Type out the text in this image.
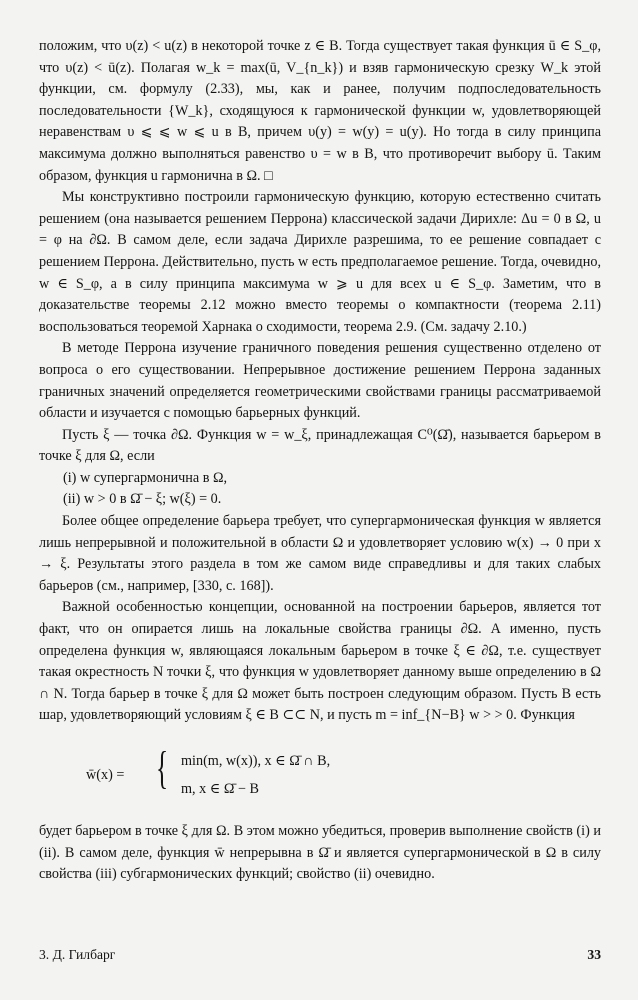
положим, что υ(z) < u(z) в некоторой точке z ∈ B. Тогда существует такая функция ū ∈ S_φ, что υ(z) < ū(z). Полагая w_k = max(ū, V_{n_k}) и взяв гармоническую срезку W_k этой функции, см. формулу (2.33), мы, как и ранее, получим подпоследовательность последовательности {W_k}, сходящуюся к гармонической функции w, удовлетворяющей неравенствам υ ⩽ ⩽ w ⩽ u в B, причем υ(y) = w(y) = u(y). Но тогда в силу принципа максимума должно выполняться равенство υ = w в B, что противоречит выбору ū. Таким образом, функция u гармонична в Ω. □

Мы конструктивно построили гармоническую функцию, которую естественно считать решением (она называется решением Перрона) классической задачи Дирихле: Δu = 0 в Ω, u = φ на ∂Ω. В самом деле, если задача Дирихле разрешима, то ее решение совпадает с решением Перрона. Действительно, пусть w есть предполагаемое решение. Тогда, очевидно, w ∈ S_φ, а в силу принципа максимума w ⩾ u для всех u ∈ S_φ. Заметим, что в доказательстве теоремы 2.12 можно вместо теоремы о компактности (теорема 2.11) воспользоваться теоремой Харнака о сходимости, теорема 2.9. (См. задачу 2.10.)

В методе Перрона изучение граничного поведения решения существенно отделено от вопроса о его существовании. Непрерывное достижение решением Перрона заданных граничных значений определяется геометрическими свойствами границы рассматриваемой области и изучается с помощью барьерных функций.

Пусть ξ — точка ∂Ω. Функция w = w_ξ, принадлежащая C⁰(Ω̄), называется барьером в точке ξ для Ω, если

(i) w супергармонична в Ω,

(ii) w > 0 в Ω̄ − ξ; w(ξ) = 0.

Более общее определение барьера требует, что супергармоническая функция w является лишь непрерывной и положительной в области Ω и удовлетворяет условию w(x) → 0 при x → ξ. Результаты этого раздела в том же самом виде справедливы и для таких слабых барьеров (см., например, [330, с. 168]).

Важной особенностью концепции, основанной на построении барьеров, является тот факт, что он опирается лишь на локальные свойства границы ∂Ω. А именно, пусть определена функция w, являющаяся локальным барьером в точке ξ ∈ ∂Ω, т.е. существует такая окрестность N точки ξ, что функция w удовлетворяет данному выше определению в Ω ∩ N. Тогда барьер в точке ξ для Ω может быть построен следующим образом. Пусть B есть шар, удовлетворяющий условиям ξ ∈ B ⊂⊂ N, и пусть m = inf_{N−B} w > > 0. Функция

w̄(x) = { min(m, w(x)), x ∈ Ω̄ ∩ B,
m, x ∈ Ω̄ − B

будет барьером в точке ξ для Ω. В этом можно убедиться, проверив выполнение свойств (i) и (ii). В самом деле, функция w̄ непрерывна в Ω̄ и является супергармонической в Ω в силу свойства (iii) субгармонических функций; свойство (ii) очевидно.

3. Д. Гилбарг	33
